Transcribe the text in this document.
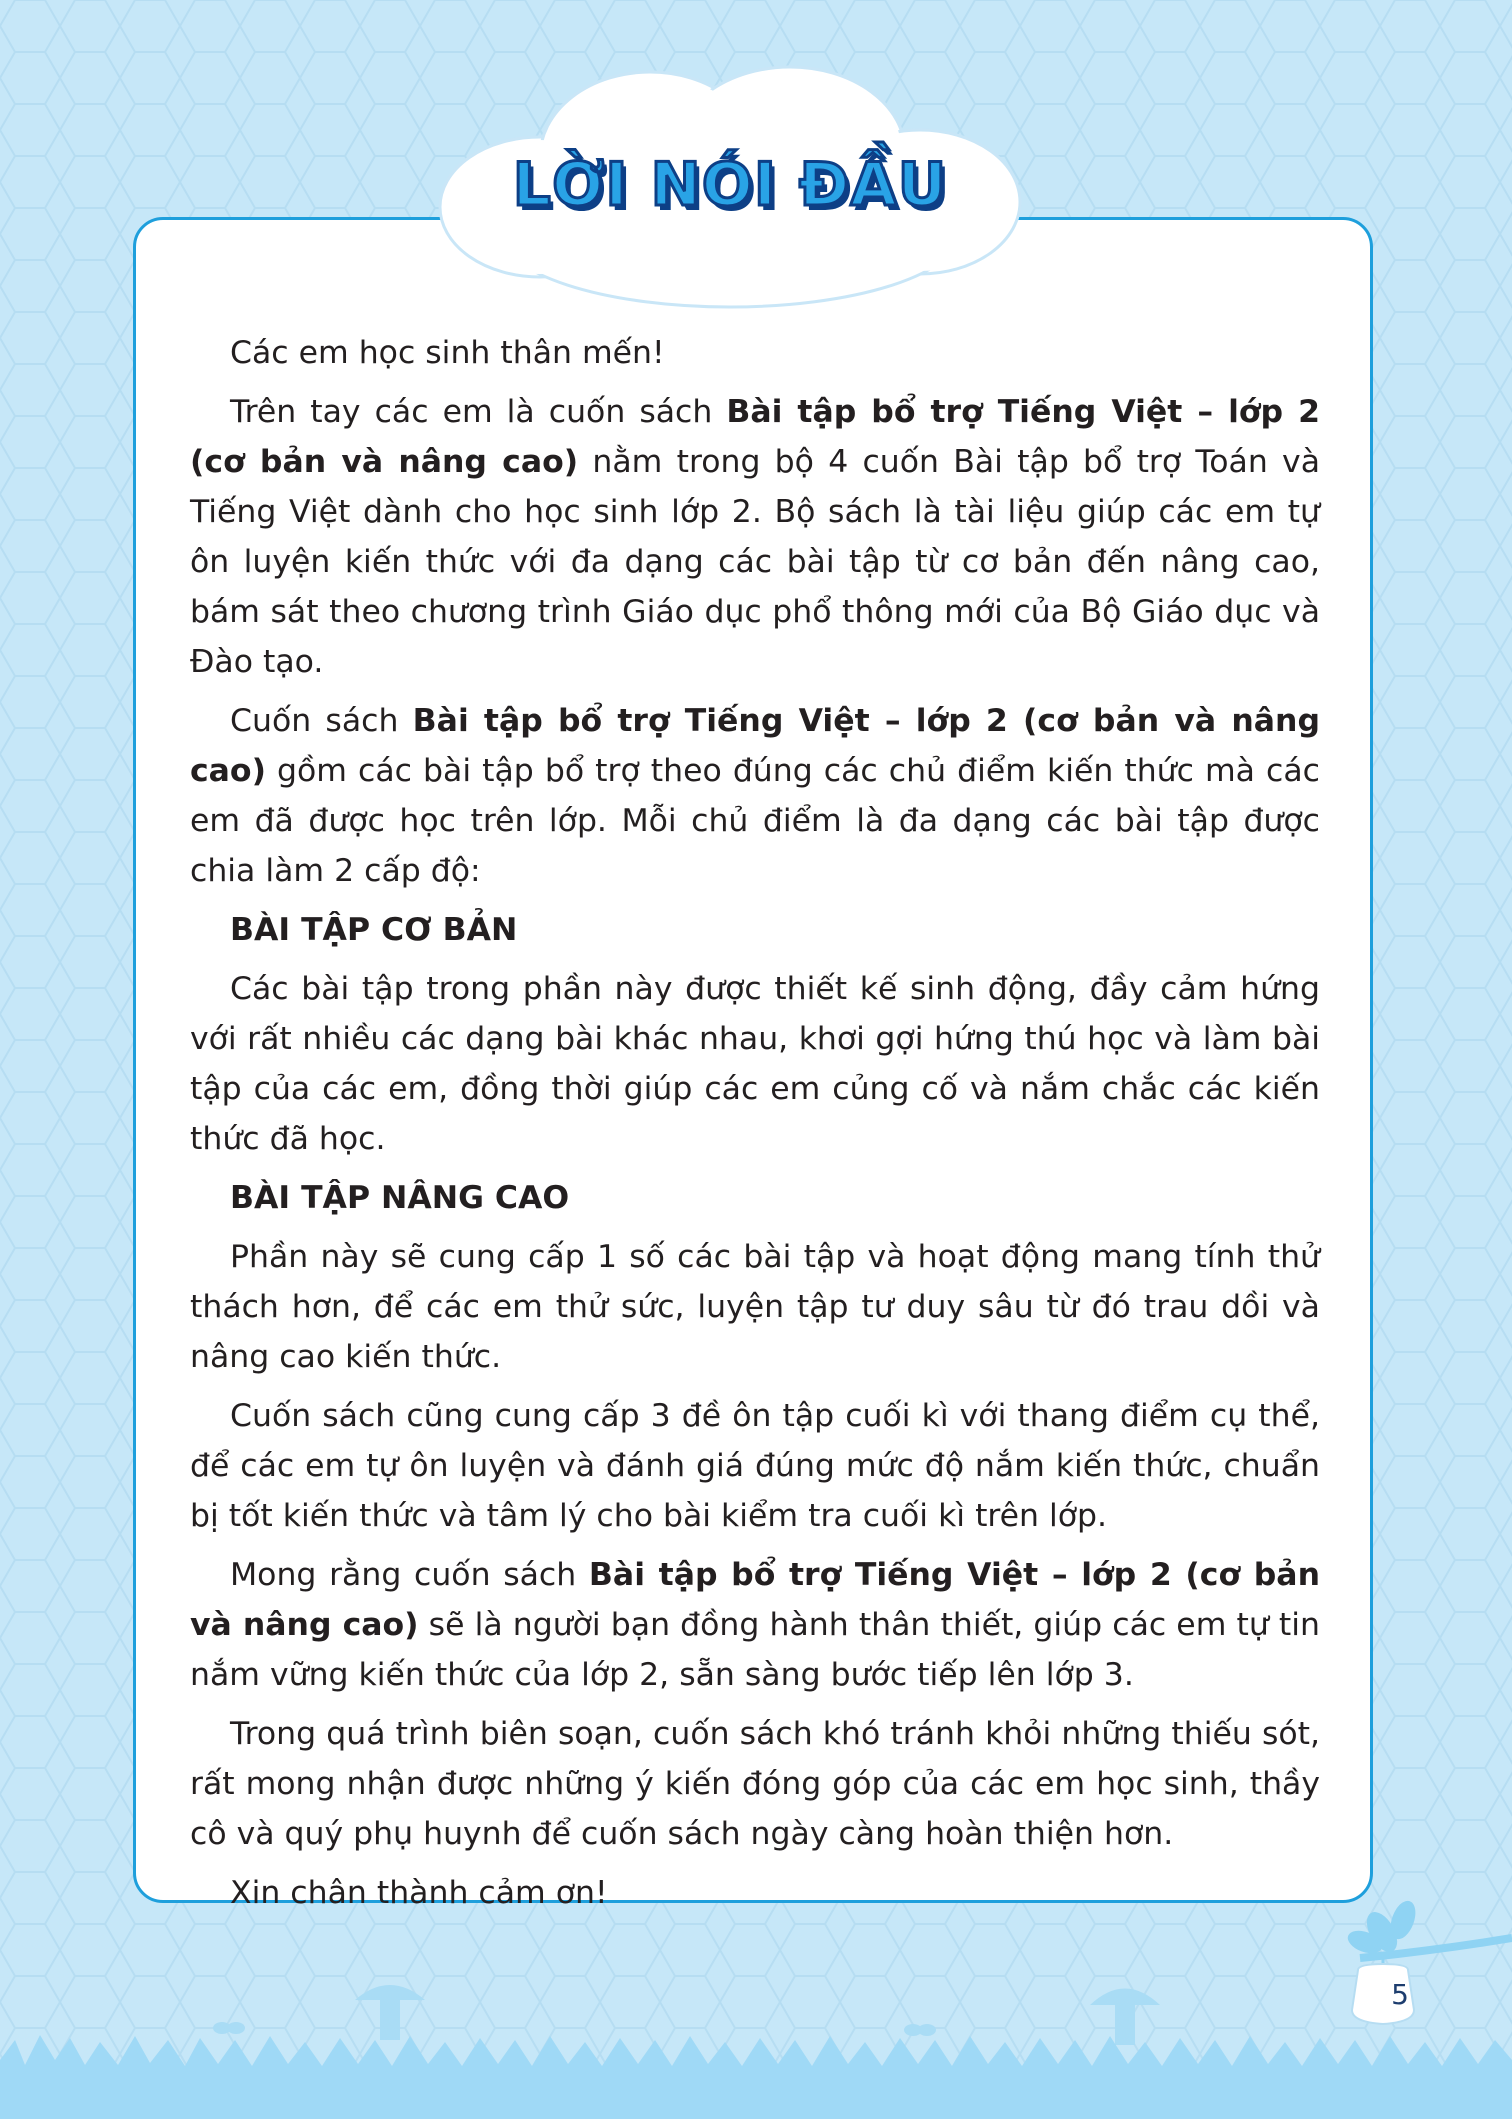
LỜI NÓI ĐẦU

Các em học sinh thân mến!

Trên tay các em là cuốn sách Bài tập bổ trợ Tiếng Việt – lớp 2 (cơ bản và nâng cao) nằm trong bộ 4 cuốn Bài tập bổ trợ Toán và Tiếng Việt dành cho học sinh lớp 2. Bộ sách là tài liệu giúp các em tự ôn luyện kiến thức với đa dạng các bài tập từ cơ bản đến nâng cao, bám sát theo chương trình Giáo dục phổ thông mới của Bộ Giáo dục và Đào tạo.

Cuốn sách Bài tập bổ trợ Tiếng Việt – lớp 2 (cơ bản và nâng cao) gồm các bài tập bổ trợ theo đúng các chủ điểm kiến thức mà các em đã được học trên lớp. Mỗi chủ điểm là đa dạng các bài tập được chia làm 2 cấp độ:

BÀI TẬP CƠ BẢN

Các bài tập trong phần này được thiết kế sinh động, đầy cảm hứng với rất nhiều các dạng bài khác nhau, khơi gợi hứng thú học và làm bài tập của các em, đồng thời giúp các em củng cố và nắm chắc các kiến thức đã học.

BÀI TẬP NÂNG CAO

Phần này sẽ cung cấp 1 số các bài tập và hoạt động mang tính thử thách hơn, để các em thử sức, luyện tập tư duy sâu từ đó trau dồi và nâng cao kiến thức.

Cuốn sách cũng cung cấp 3 đề ôn tập cuối kì với thang điểm cụ thể, để các em tự ôn luyện và đánh giá đúng mức độ nắm kiến thức, chuẩn bị tốt kiến thức và tâm lý cho bài kiểm tra cuối kì trên lớp.

Mong rằng cuốn sách Bài tập bổ trợ Tiếng Việt – lớp 2 (cơ bản và nâng cao) sẽ là người bạn đồng hành thân thiết, giúp các em tự tin nắm vững kiến thức của lớp 2, sẵn sàng bước tiếp lên lớp 3.

Trong quá trình biên soạn, cuốn sách khó tránh khỏi những thiếu sót, rất mong nhận được những ý kiến đóng góp của các em học sinh, thầy cô và quý phụ huynh để cuốn sách ngày càng hoàn thiện hơn.

Xin chân thành cảm ơn!

5
